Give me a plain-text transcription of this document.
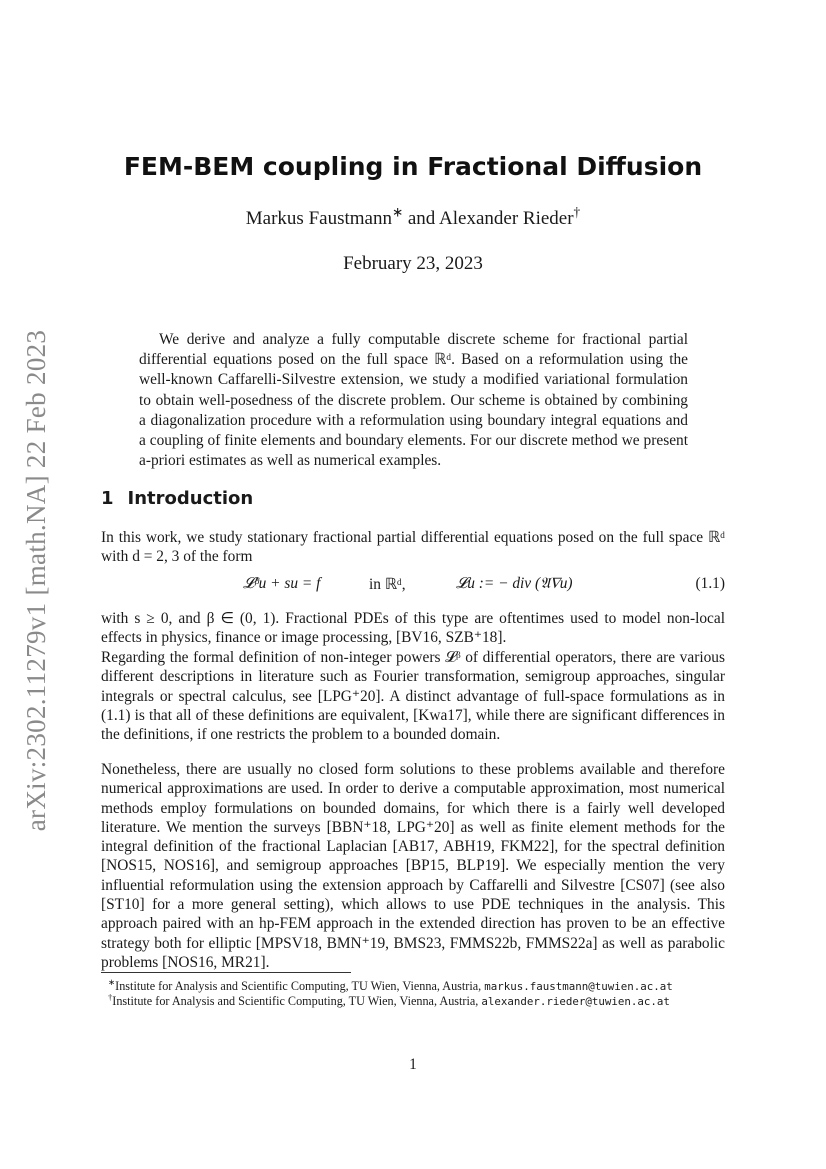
arXiv:2302.11279v1 [math.NA] 22 Feb 2023
FEM-BEM coupling in Fractional Diffusion
Markus Faustmann∗ and Alexander Rieder†
February 23, 2023

We derive and analyze a fully computable discrete scheme for fractional partial differential equations posed on the full space ℝᵈ. Based on a reformulation using the well-known Caffarelli-Silvestre extension, we study a modified variational formulation to obtain well-posedness of the discrete problem. Our scheme is obtained by combining a diagonalization procedure with a reformulation using boundary integral equations and a coupling of finite elements and boundary elements. For our discrete method we present a-priori estimates as well as numerical examples.

1 Introduction

In this work, we study stationary fractional partial differential equations posed on the full space ℝᵈ with d = 2, 3 of the form

𝓛ᵝu + su = f	in ℝᵈ,	𝓛u := − div (𝔄∇u)	(1.1)

with s ≥ 0, and β ∈ (0, 1). Fractional PDEs of this type are oftentimes used to model non-local effects in physics, finance or image processing, [BV16, SZB⁺18].

Regarding the formal definition of non-integer powers 𝓛ᵝ of differential operators, there are various different descriptions in literature such as Fourier transformation, semigroup approaches, singular integrals or spectral calculus, see [LPG⁺20]. A distinct advantage of full-space formulations as in (1.1) is that all of these definitions are equivalent, [Kwa17], while there are significant differences in the definitions, if one restricts the problem to a bounded domain.

Nonetheless, there are usually no closed form solutions to these problems available and therefore numerical approximations are used. In order to derive a computable approximation, most numerical methods employ formulations on bounded domains, for which there is a fairly well developed literature. We mention the surveys [BBN⁺18, LPG⁺20] as well as finite element methods for the integral definition of the fractional Laplacian [AB17, ABH19, FKM22], for the spectral definition [NOS15, NOS16], and semigroup approaches [BP15, BLP19]. We especially mention the very influential reformulation using the extension approach by Caffarelli and Silvestre [CS07] (see also [ST10] for a more general setting), which allows to use PDE techniques in the analysis. This approach paired with an hp-FEM approach in the extended direction has proven to be an effective strategy both for elliptic [MPSV18, BMN⁺19, BMS23, FMMS22b, FMMS22a] as well as parabolic problems [NOS16, MR21].

∗Institute for Analysis and Scientific Computing, TU Wien, Vienna, Austria, markus.faustmann@tuwien.ac.at

†Institute for Analysis and Scientific Computing, TU Wien, Vienna, Austria, alexander.rieder@tuwien.ac.at

1
